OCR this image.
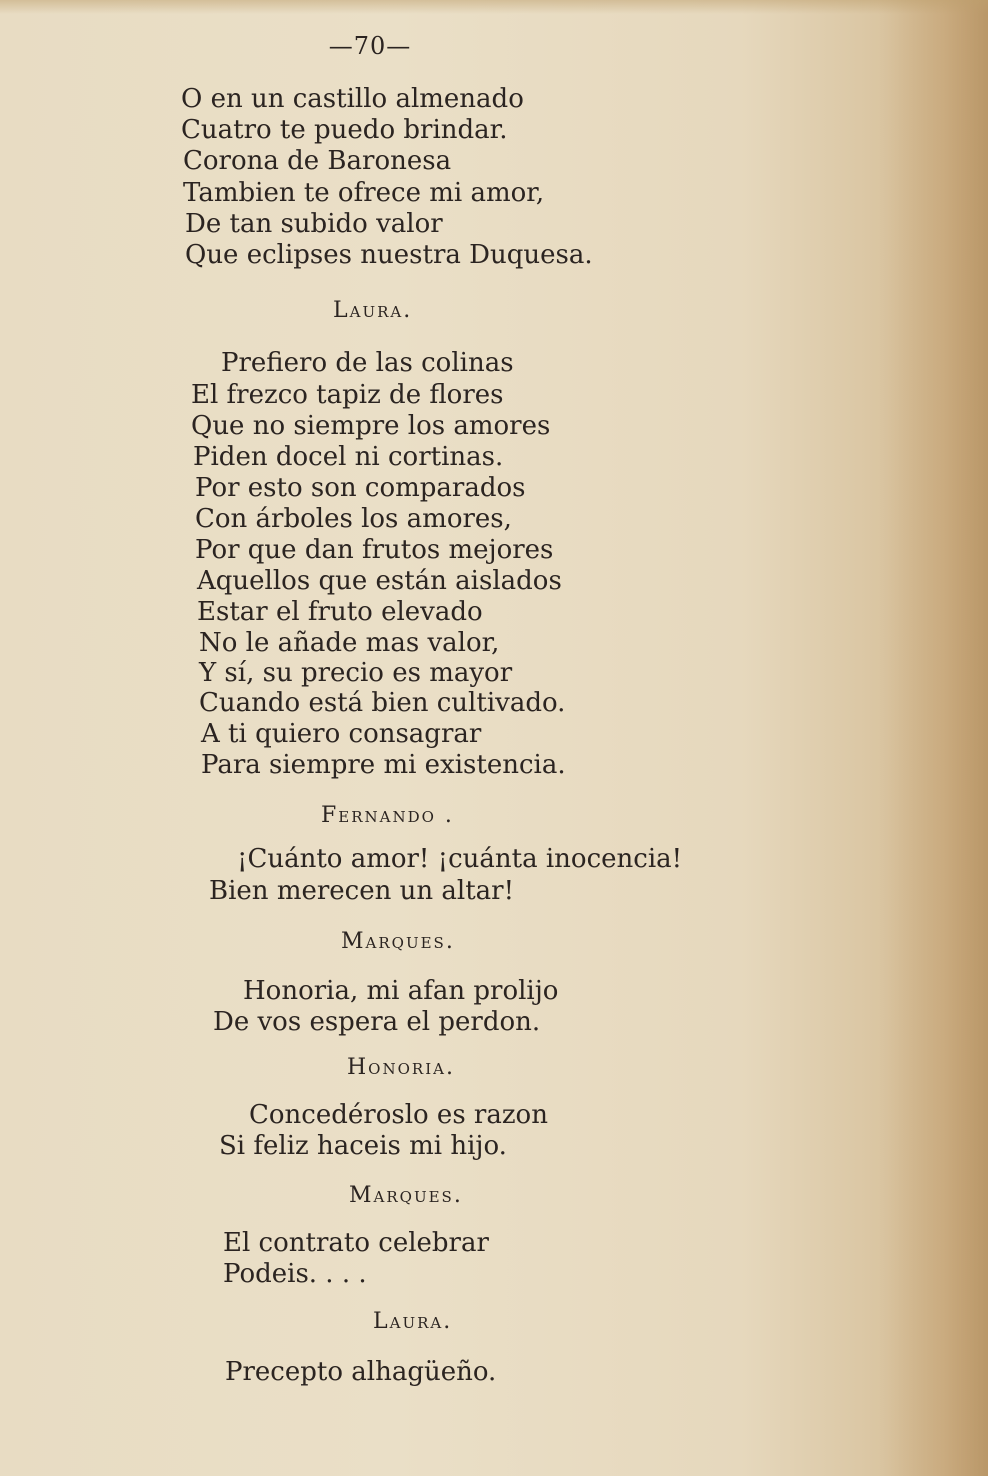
—70—
O en un castillo almenado
Cuatro te puedo brindar.
Corona de Baronesa
Tambien te ofrece mi amor,
De tan subido valor
Que eclipses nuestra Duquesa.
Laura.
Prefiero de las colinas
El frezco tapiz de flores
Que no siempre los amores
Piden docel ni cortinas.
Por esto son comparados
Con árboles los amores,
Por que dan frutos mejores
Aquellos que están aislados
Estar el fruto elevado
No le añade mas valor,
Y sí, su precio es mayor
Cuando está bien cultivado.
A ti quiero consagrar
Para siempre mi existencia.
Fernando .
¡Cuánto amor! ¡cuánta inocencia!
Bien merecen un altar!
Marques.
Honoria, mi afan prolijo
De vos espera el perdon.
Honoria.
Concedéroslo es razon
Si feliz haceis mi hijo.
Marques.
El contrato celebrar
Podeis. . . .
Laura.
Precepto alhagüeño.
